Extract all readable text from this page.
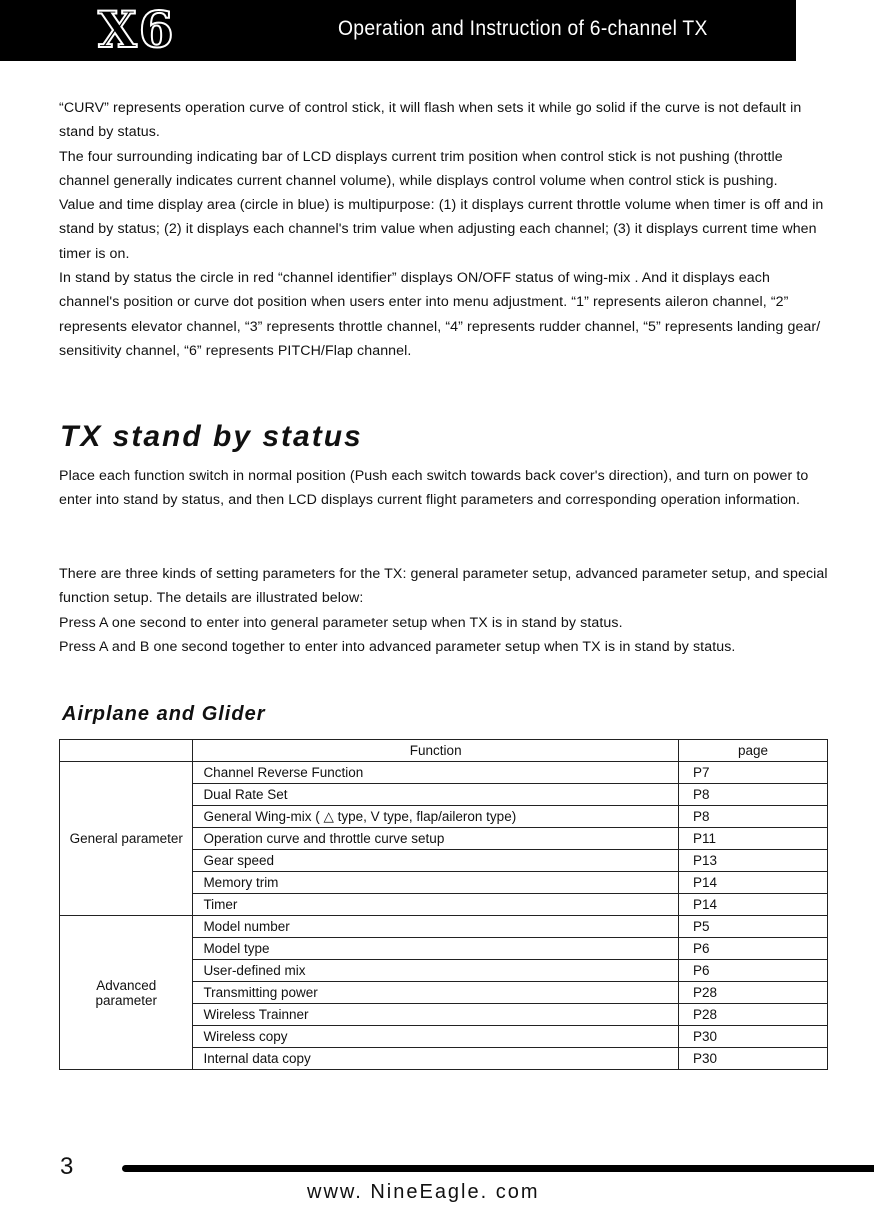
X6	Operation and Instruction of 6-channel TX

“CURV” represents operation curve of control stick, it will flash when sets it while go solid if the curve is not default in stand by status.

The four surrounding indicating bar of LCD displays current trim position when control stick is not pushing (throttle channel generally indicates current channel volume), while displays control volume when control stick is pushing.

Value and time display area (circle in blue) is multipurpose: (1) it displays current throttle volume when timer is off and in stand by status; (2) it displays each channel's trim value when adjusting each channel; (3) it displays current time when timer is on.

In stand by status the circle in red “channel identifier” displays ON/OFF status of wing-mix . And it displays each channel's position or curve dot position when users enter into menu adjustment. “1” represents aileron channel, “2” represents elevator channel, “3” represents throttle channel, “4” represents rudder channel, “5” represents landing gear/ sensitivity channel, “6” represents PITCH/Flap channel.

TX stand by status

Place each function switch in normal position (Push each switch towards back cover's direction), and turn on power to enter into stand by status, and then LCD displays current flight parameters and corresponding operation information.

There are three kinds of setting parameters for the TX: general parameter setup, advanced parameter setup, and special function setup. The details are illustrated below:

Press A one second to enter into general parameter setup when TX is in stand by status.

Press A and B one second together to enter into advanced parameter setup when TX is in stand by status.

Airplane and Glider
	Function	page
General parameter	Channel Reverse Function	P7
	Dual Rate Set	P8
	General Wing-mix ( △ type, V type, flap/aileron type)	P8
	Operation curve and throttle curve setup	P11
	Gear speed	P13
	Memory trim	P14
	Timer	P14
Advanced parameter	Model number	P5
	Model type	P6
	User-defined mix	P6
	Transmitting power	P28
	Wireless Trainner	P28
	Wireless copy	P30
	Internal data copy	P30
3
www. NineEagle. com
